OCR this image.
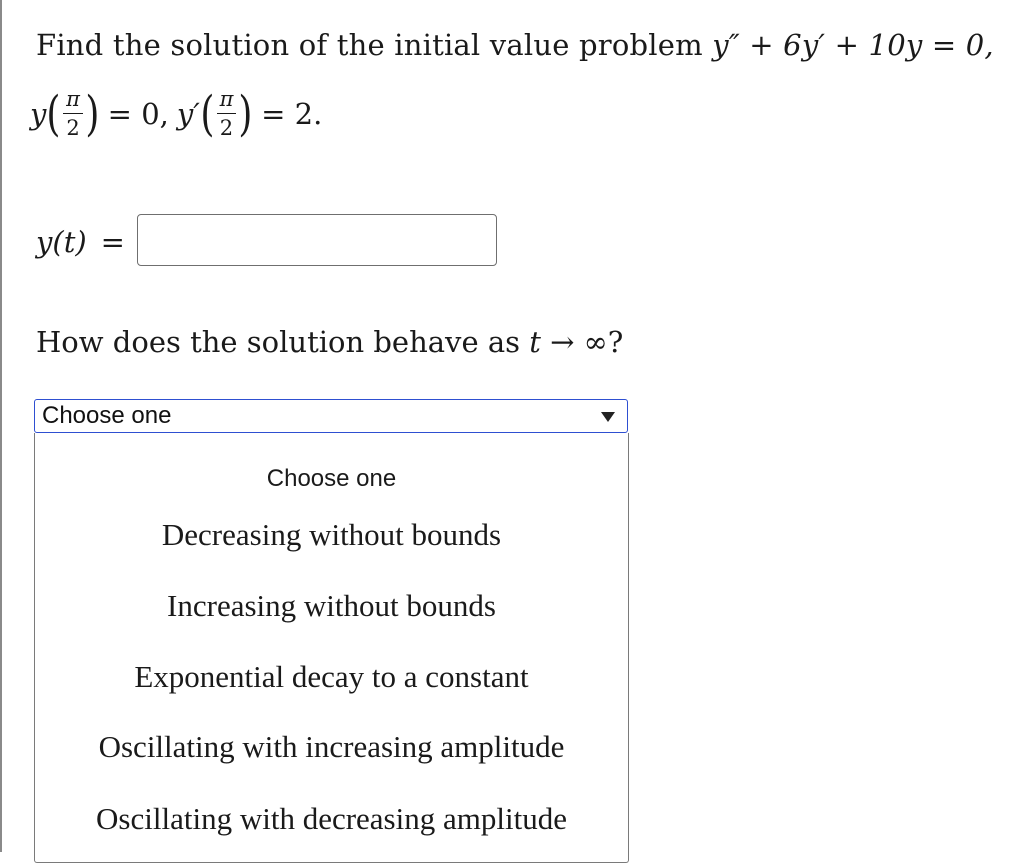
Find the solution of the initial value problem y″ + 6y′ + 10y = 0,
y ( $\frac{\pi}{2}$ ) = 0, y′ ( $\frac{\pi}{2}$ ) = 2.
y(t) =
How does the solution behave as t → ∞?
Choose one
Choose one
Decreasing without bounds
Increasing without bounds
Exponential decay to a constant
Oscillating with increasing amplitude
Oscillating with decreasing amplitude
